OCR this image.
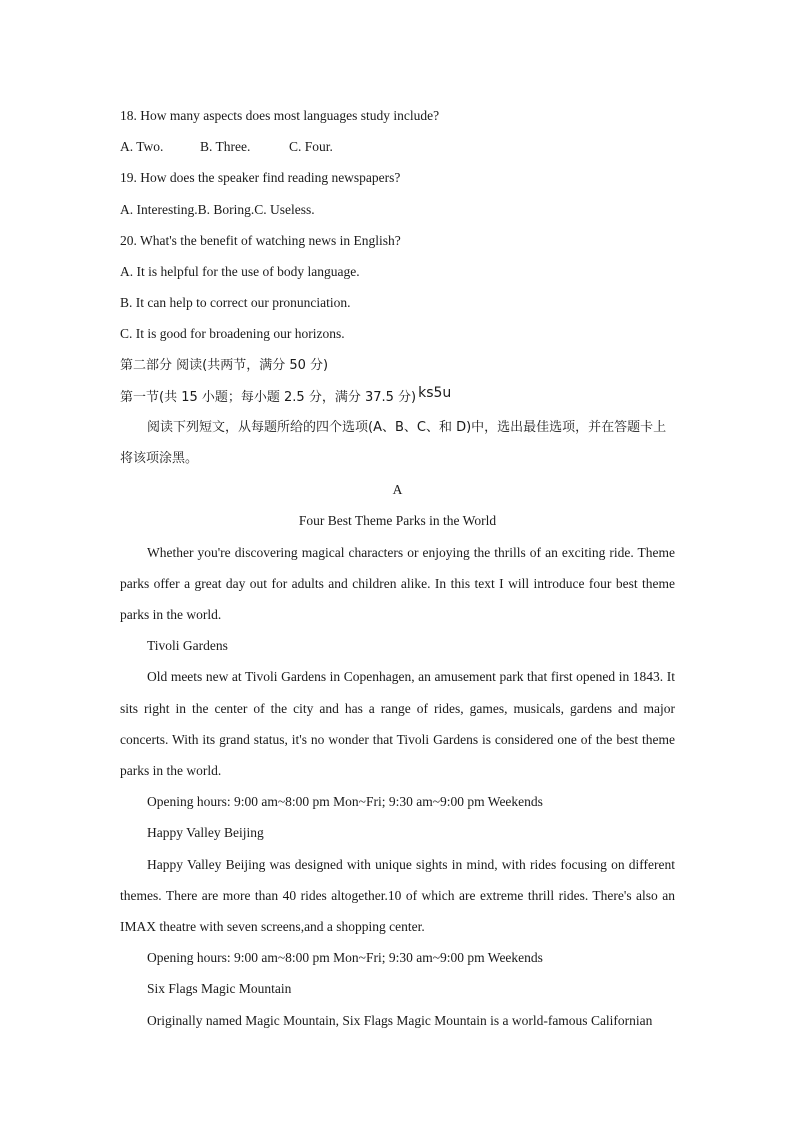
18. How many aspects does most languages study include?
A. Two.	B. Three.	C. Four.
19. How does the speaker find reading newspapers?
A. Interesting.B. Boring.C. Useless.
20. What's the benefit of watching news in English?
A. It is helpful for the use of body language.
B. It can help to correct our pronunciation.
C. It is good for broadening our horizons.
第二部分 阅读(共两节，满分 50 分)
第一节(共 15 小题；每小题 2.5 分，满分 37.5 分) ks5u
阅读下列短文，从每题所给的四个选项(A、B、C、和 D)中，选出最佳选项，并在答题卡上将该项涂黑。
A
Four Best Theme Parks in the World
Whether you're discovering magical characters or enjoying the thrills of an exciting ride. Theme parks offer a great day out for adults and children alike. In this text I will introduce four best theme parks in the world.
Tivoli Gardens
Old meets new at Tivoli Gardens in Copenhagen, an amusement park that first opened in 1843. It sits right in the center of the city and has a range of rides, games, musicals, gardens and major concerts. With its grand status, it's no wonder that Tivoli Gardens is considered one of the best theme parks in the world.
Opening hours: 9:00 am~8:00 pm Mon~Fri; 9:30 am~9:00 pm Weekends
Happy Valley Beijing
Happy Valley Beijing was designed with unique sights in mind, with rides focusing on different themes. There are more than 40 rides altogether.10 of which are extreme thrill rides. There's also an IMAX theatre with seven screens,and a shopping center.
Opening hours: 9:00 am~8:00 pm Mon~Fri; 9:30 am~9:00 pm Weekends
Six Flags Magic Mountain
Originally named Magic Mountain, Six Flags Magic Mountain is a world-famous Californian
